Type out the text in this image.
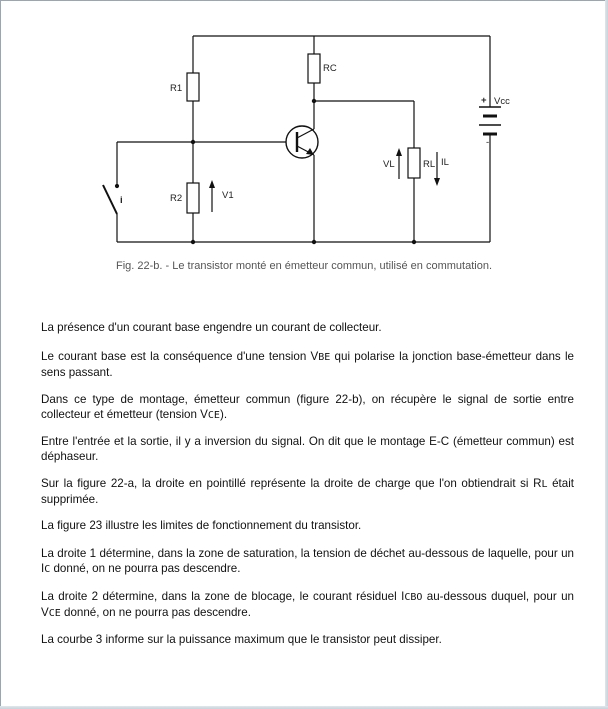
R1
R2	V1
RC
VL	RL IL
+ Vcc
-
i
Fig. 22-b. - Le transistor monté en émetteur commun, utilisé en commutation.

La présence d'un courant base engendre un courant de collecteur.

Le courant base est la conséquence d'une tension VBE qui polarise la jonction base-émetteur dans le sens passant.

Dans ce type de montage, émetteur commun (figure 22-b), on récupère le signal de sortie entre collecteur et émetteur (tension VCE).

Entre l'entrée et la sortie, il y a inversion du signal. On dit que le montage E-C (émetteur commun) est déphaseur.

Sur la figure 22-a, la droite en pointillé représente la droite de charge que l'on obtiendrait si RL était supprimée.

La figure 23 illustre les limites de fonctionnement du transistor.

La droite 1 détermine, dans la zone de saturation, la tension de déchet au-dessous de laquelle, pour un IC donné, on ne pourra pas descendre.

La droite 2 détermine, dans la zone de blocage, le courant résiduel ICBO au-dessous duquel, pour un VCE donné, on ne pourra pas descendre.

La courbe 3 informe sur la puissance maximum que le transistor peut dissiper.
